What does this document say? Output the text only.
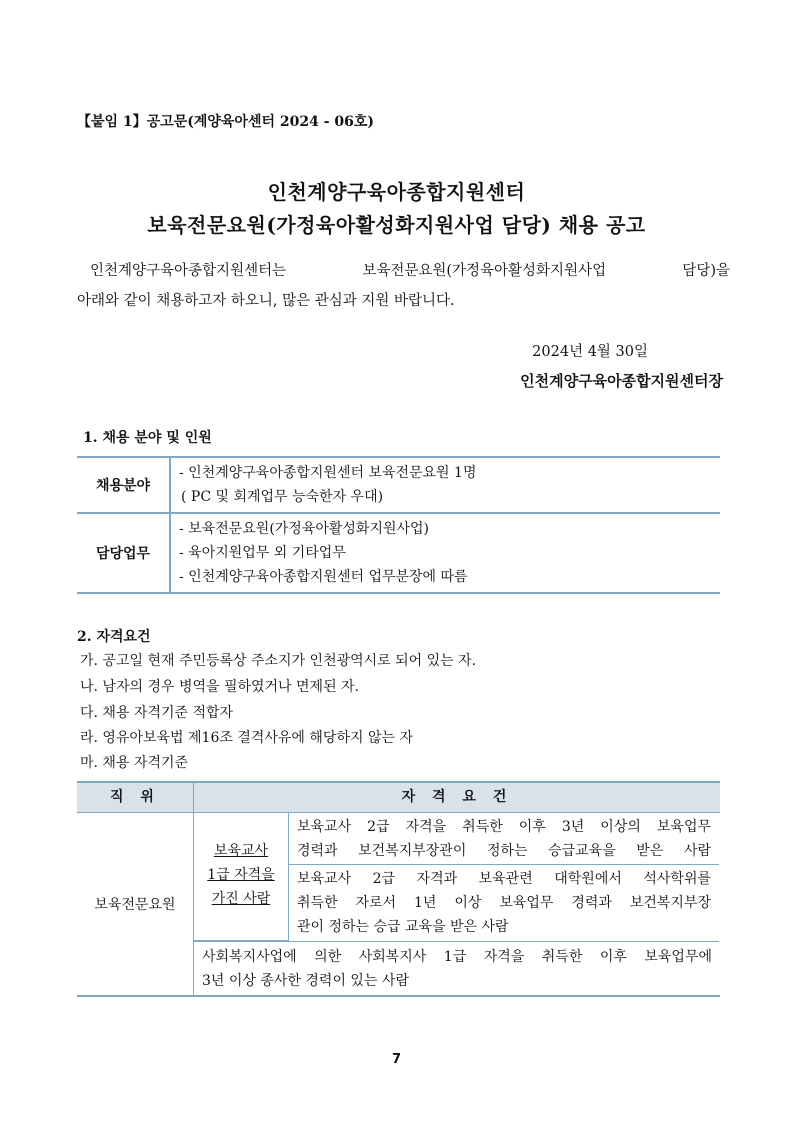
【붙임 1】공고문(계양육아센터 2024 - 06호)
인천계양구육아종합지원센터
보육전문요원(가정육아활성화지원사업 담당) 채용 공고
인천계양구육아종합지원센터는 보육전문요원(가정육아활성화지원사업 담당)을
아래와 같이 채용하고자 하오니, 많은 관심과 지원 바랍니다.
2024년 4월 30일
인천계양구육아종합지원센터장
1. 채용 분야 및 인원
채용분야
- 인천계양구육아종합지원센터 보육전문요원 1명
( PC 및 회계업무 능숙한자 우대)
담당업무
- 보육전문요원(가정육아활성화지원사업)
- 육아지원업무 외 기타업무
- 인천계양구육아종합지원센터 업무분장에 따름
2. 자격요건
가. 공고일 현재 주민등록상 주소지가 인천광역시로 되어 있는 자.
나. 남자의 경우 병역을 필하였거나 면제된 자.
다. 채용 자격기준 적합자
라. 영유아보육법 제16조 결격사유에 해당하지 않는 자
마. 채용 자격기준
직 위	자 격 요 건
보육전문요원
보육교사
1급 자격을
가진 사람
보육교사 2급 자격을 취득한 이후 3년 이상의 보육업무
경력과 보건복지부장관이 정하는 승급교육을 받은 사람
보육교사 2급 자격과 보육관련 대학원에서 석사학위를
취득한 자로서 1년 이상 보육업무 경력과 보건복지부장
관이 정하는 승급 교육을 받은 사람
사회복지사업에 의한 사회복지사 1급 자격을 취득한 이후 보육업무에
3년 이상 종사한 경력이 있는 사람
7
